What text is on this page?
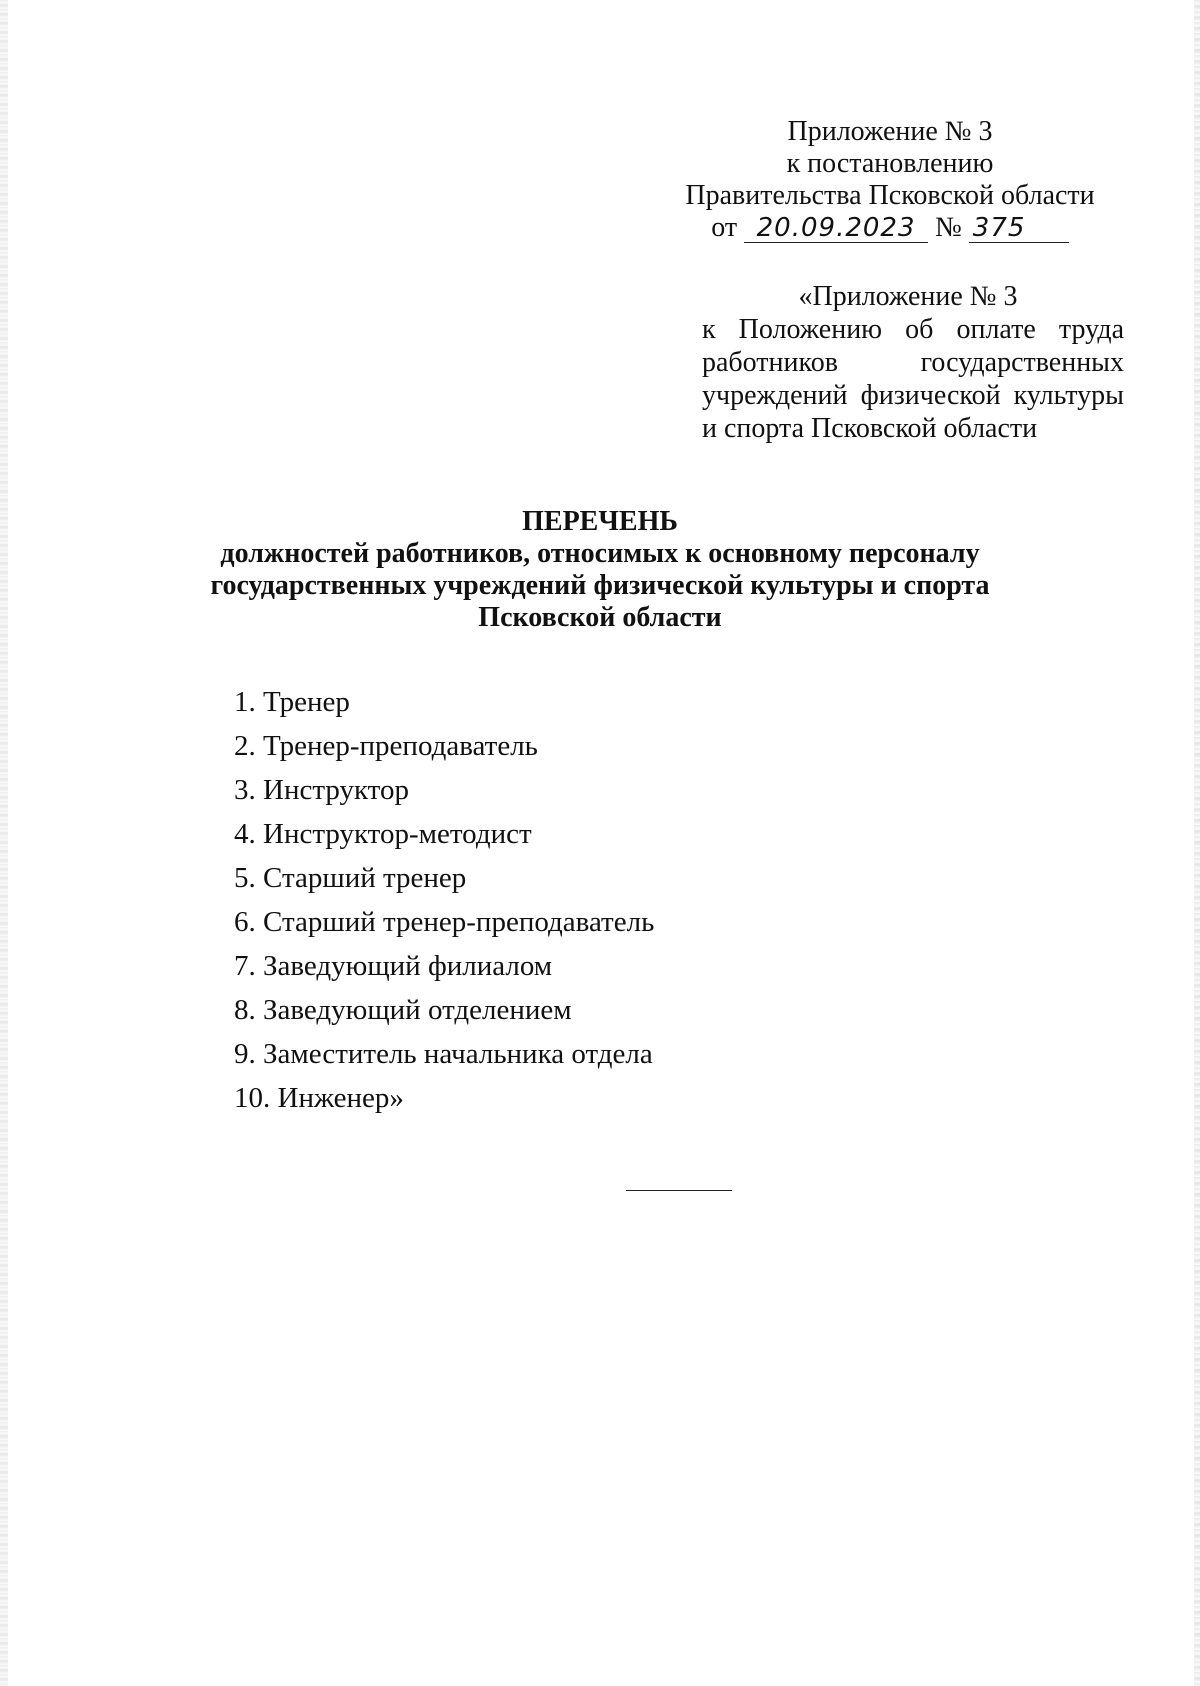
Приложение № 3
к постановлению
Правительства Псковской области
от 20.09.2023 № 375
«Приложение № 3
к Положению об оплате труда работников государственных учреждений физической культуры и спорта Псковской области
ПЕРЕЧЕНЬ
должностей работников, относимых к основному персоналу
государственных учреждений физической культуры и спорта
Псковской области
1. Тренер
2. Тренер-преподаватель
3. Инструктор
4. Инструктор-методист
5. Старший тренер
6. Старший тренер-преподаватель
7. Заведующий филиалом
8. Заведующий отделением
9. Заместитель начальника отдела
10. Инженер»
